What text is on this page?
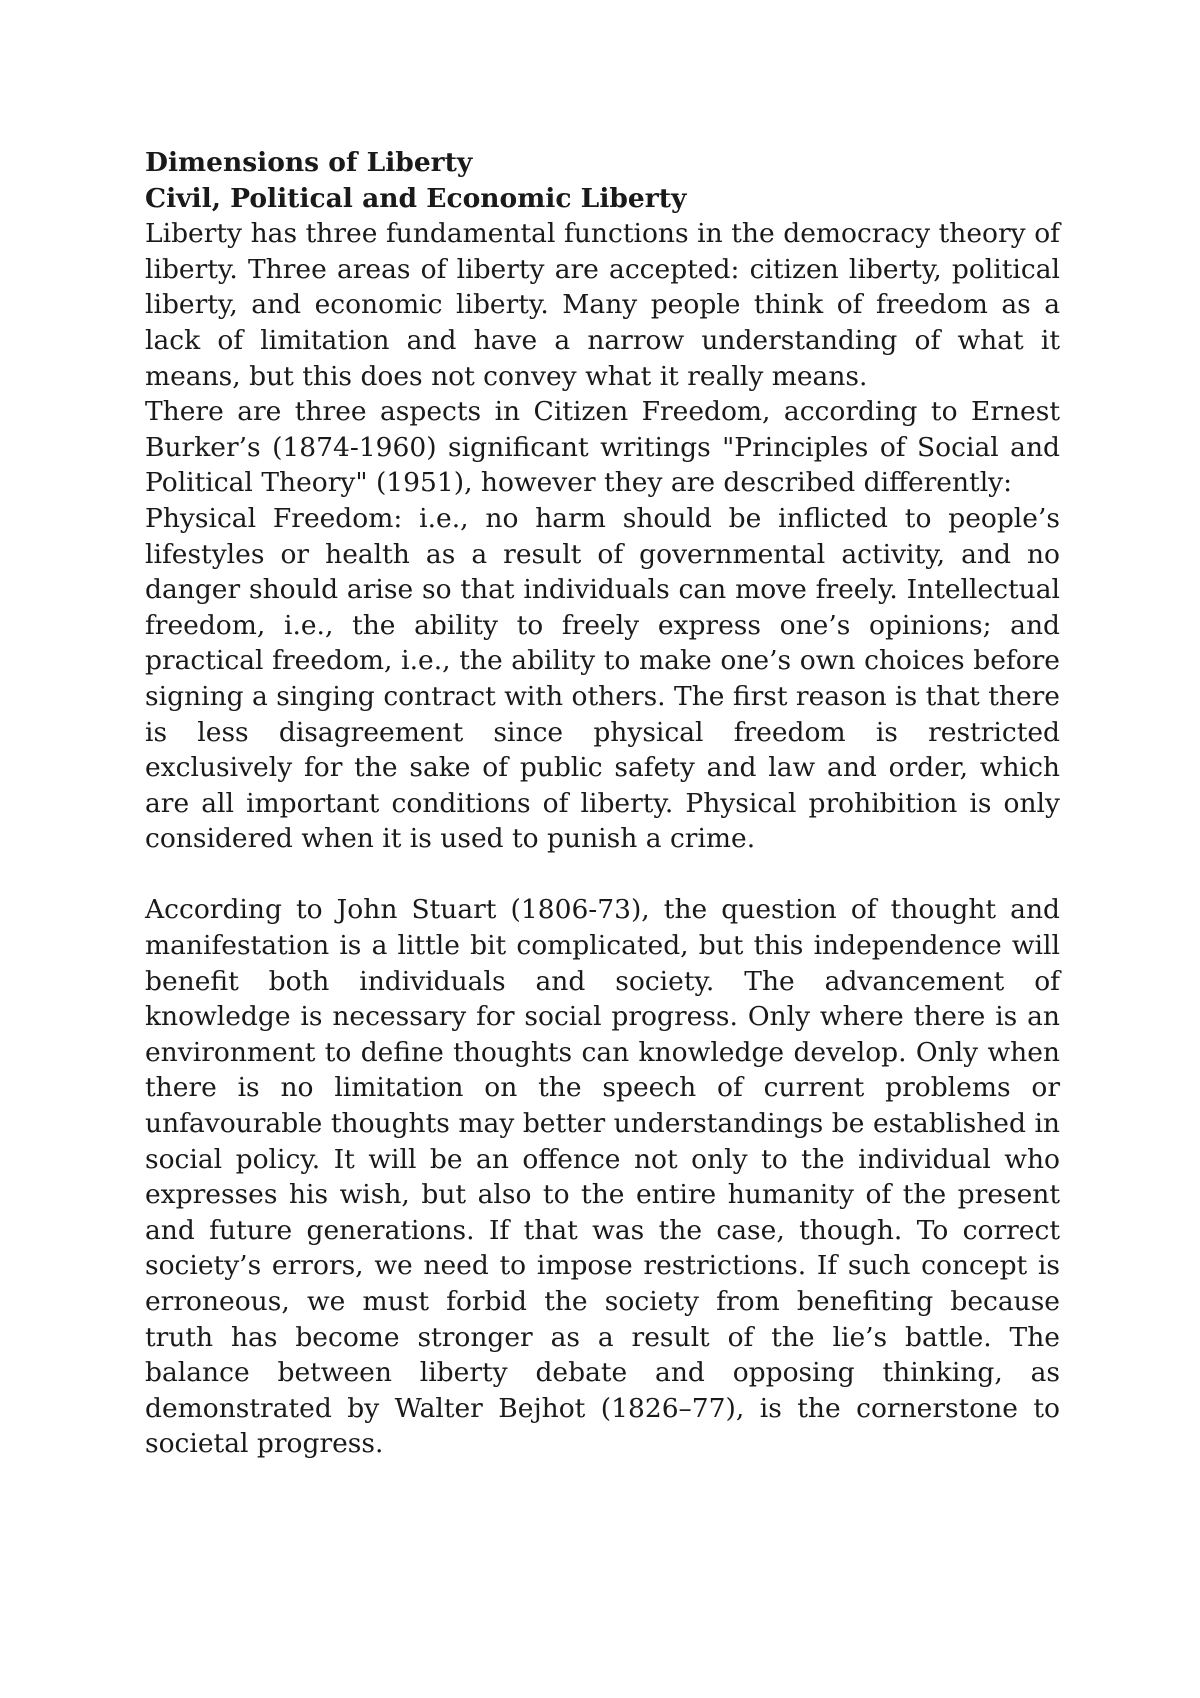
Dimensions of Liberty

Civil, Political and Economic Liberty

Liberty has three fundamental functions in the democracy theory of liberty. Three areas of liberty are accepted: citizen liberty, political liberty, and economic liberty. Many people think of freedom as a lack of limitation and have a narrow understanding of what it means, but this does not convey what it really means.

There are three aspects in Citizen Freedom, according to Ernest Burker’s (1874-1960) significant writings "Principles of Social and Political Theory" (1951), however they are described differently:

Physical Freedom: i.e., no harm should be inflicted to people’s lifestyles or health as a result of governmental activity, and no danger should arise so that individuals can move freely. Intellectual freedom, i.e., the ability to freely express one’s opinions; and practical freedom, i.e., the ability to make one’s own choices before signing a singing contract with others. The first reason is that there is less disagreement since physical freedom is restricted exclusively for the sake of public safety and law and order, which are all important conditions of liberty. Physical prohibition is only considered when it is used to punish a crime.

According to John Stuart (1806-73), the question of thought and manifestation is a little bit complicated, but this independence will benefit both individuals and society. The advancement of knowledge is necessary for social progress. Only where there is an environment to define thoughts can knowledge develop. Only when there is no limitation on the speech of current problems or unfavourable thoughts may better understandings be established in social policy. It will be an offence not only to the individual who expresses his wish, but also to the entire humanity of the present and future generations. If that was the case, though. To correct society’s errors, we need to impose restrictions. If such concept is erroneous, we must forbid the society from benefiting because truth has become stronger as a result of the lie’s battle. The balance between liberty debate and opposing thinking, as demonstrated by Walter Bejhot (1826–77), is the cornerstone to societal progress.
